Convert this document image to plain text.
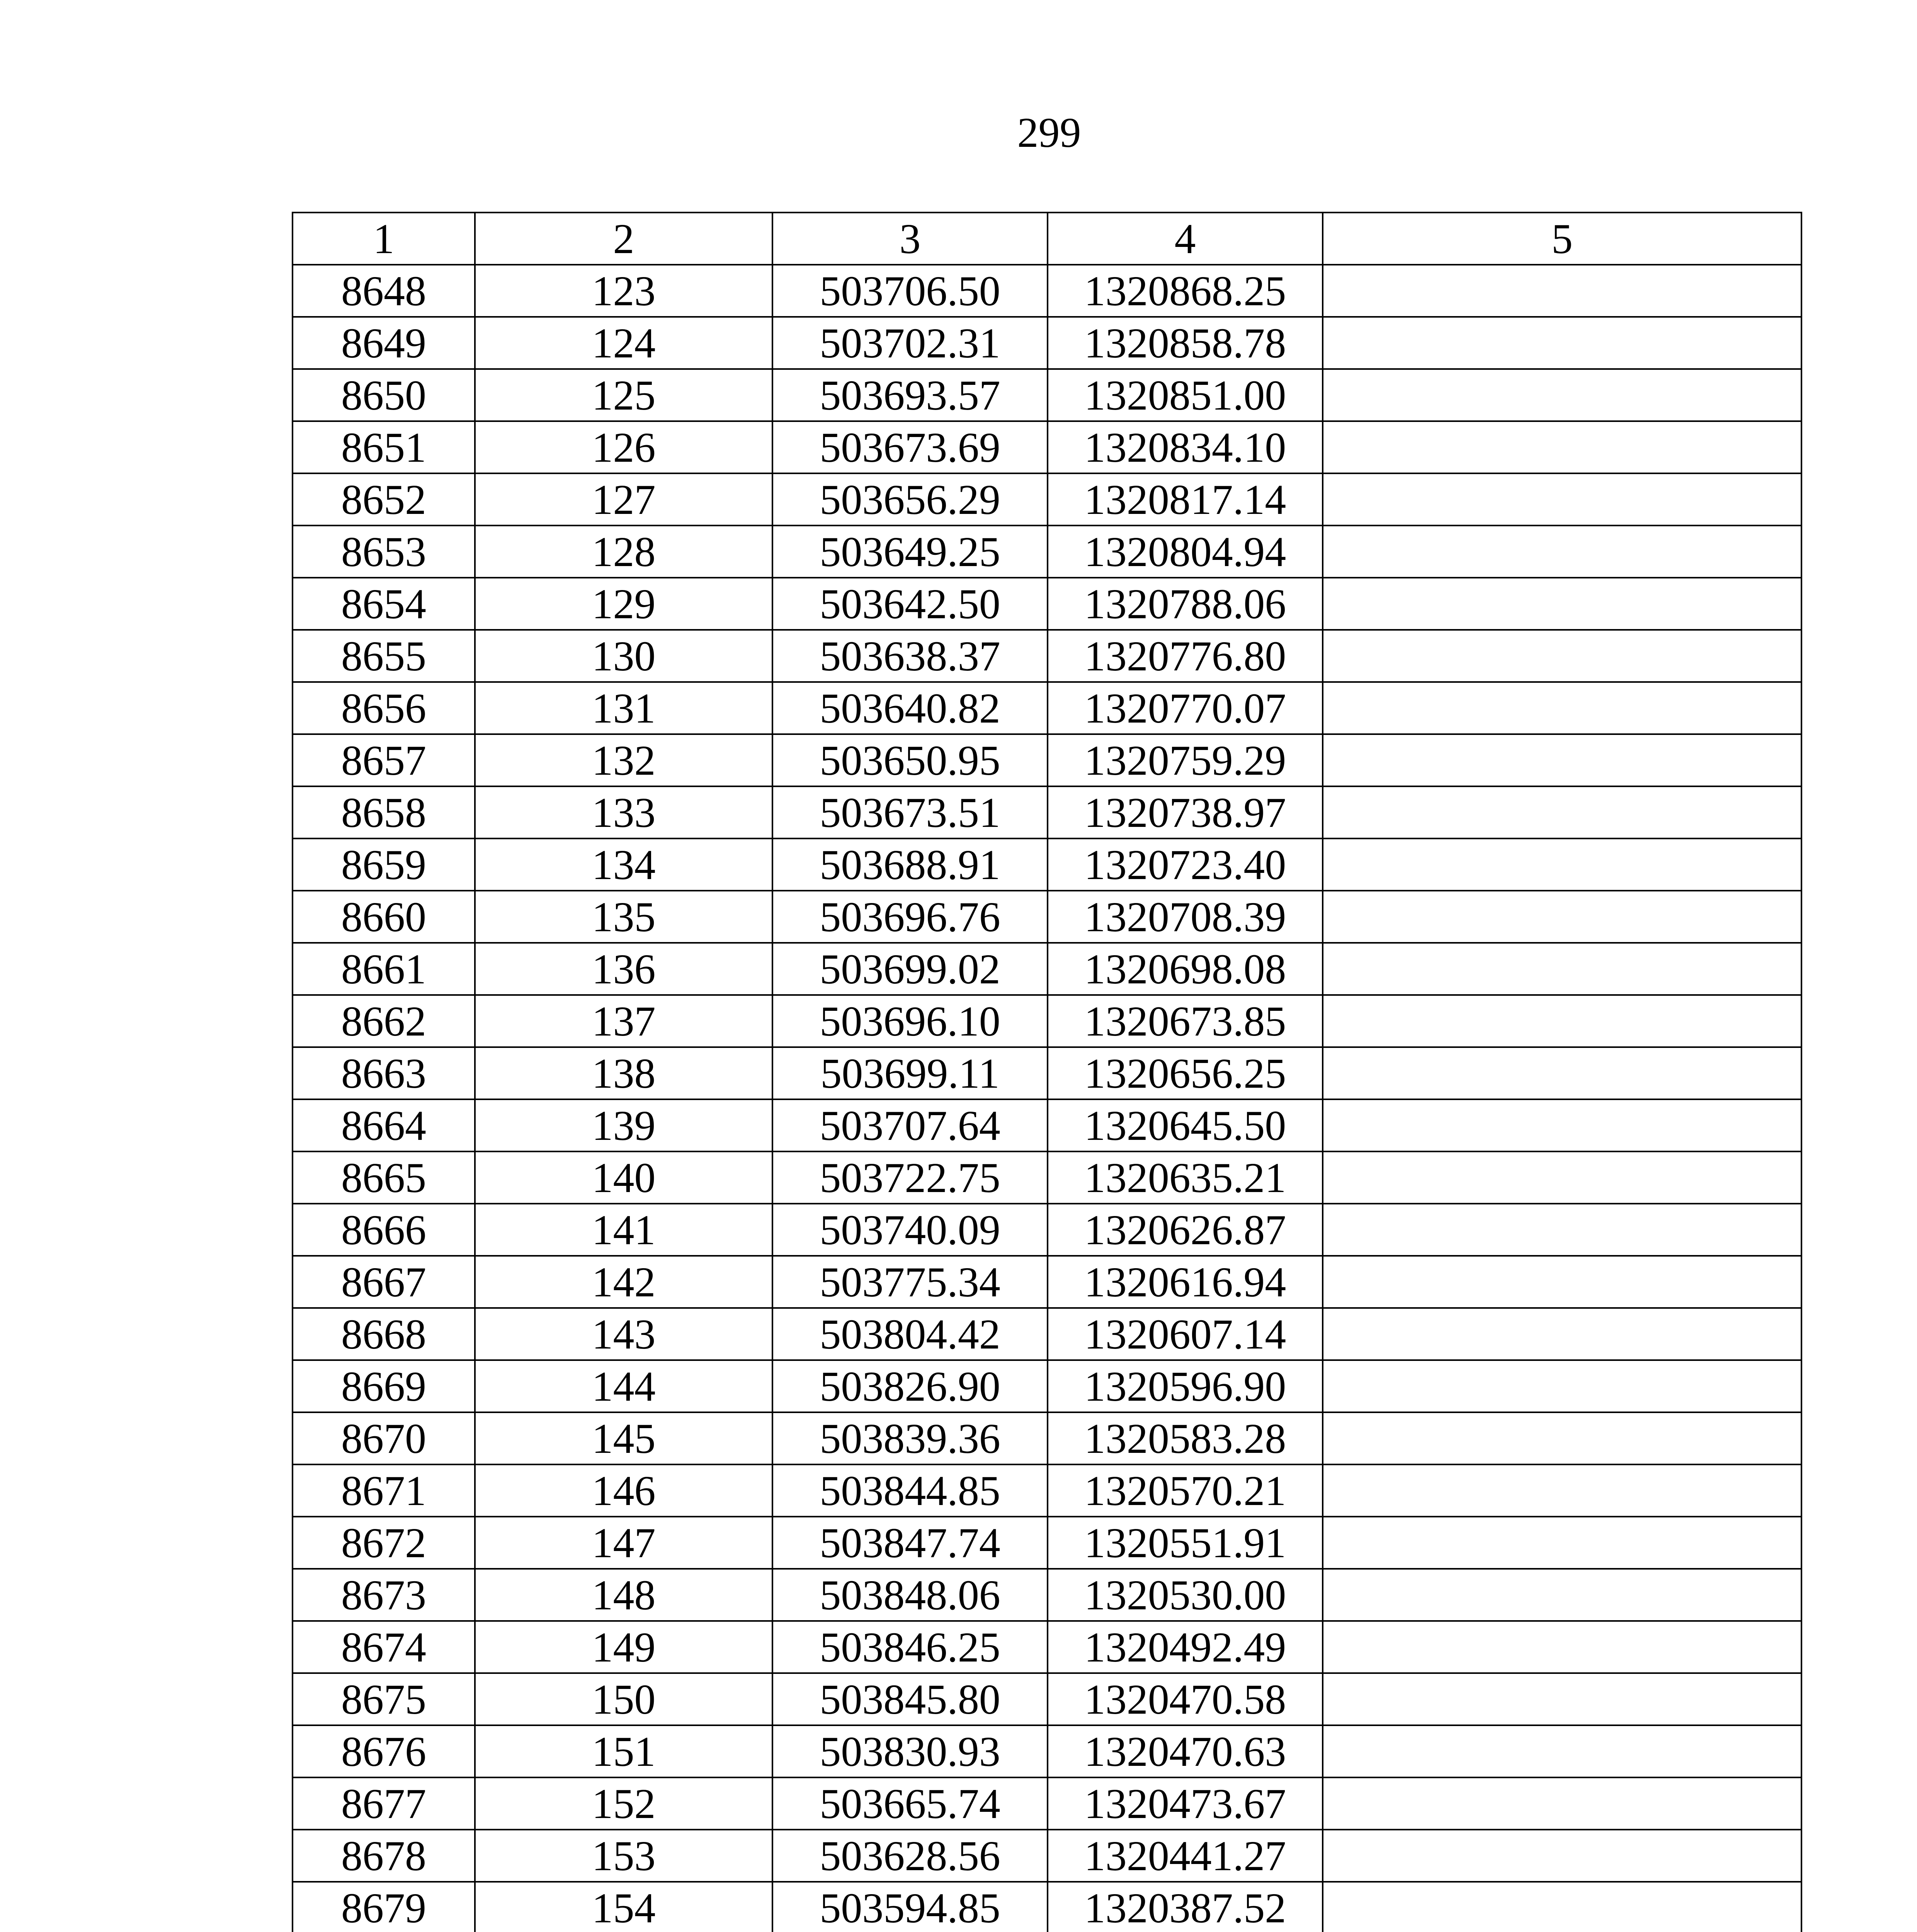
299
1	2	3	4	5
8648	123	503706.50	1320868.25	
8649	124	503702.31	1320858.78	
8650	125	503693.57	1320851.00	
8651	126	503673.69	1320834.10	
8652	127	503656.29	1320817.14	
8653	128	503649.25	1320804.94	
8654	129	503642.50	1320788.06	
8655	130	503638.37	1320776.80	
8656	131	503640.82	1320770.07	
8657	132	503650.95	1320759.29	
8658	133	503673.51	1320738.97	
8659	134	503688.91	1320723.40	
8660	135	503696.76	1320708.39	
8661	136	503699.02	1320698.08	
8662	137	503696.10	1320673.85	
8663	138	503699.11	1320656.25	
8664	139	503707.64	1320645.50	
8665	140	503722.75	1320635.21	
8666	141	503740.09	1320626.87	
8667	142	503775.34	1320616.94	
8668	143	503804.42	1320607.14	
8669	144	503826.90	1320596.90	
8670	145	503839.36	1320583.28	
8671	146	503844.85	1320570.21	
8672	147	503847.74	1320551.91	
8673	148	503848.06	1320530.00	
8674	149	503846.25	1320492.49	
8675	150	503845.80	1320470.58	
8676	151	503830.93	1320470.63	
8677	152	503665.74	1320473.67	
8678	153	503628.56	1320441.27	
8679	154	503594.85	1320387.52	
